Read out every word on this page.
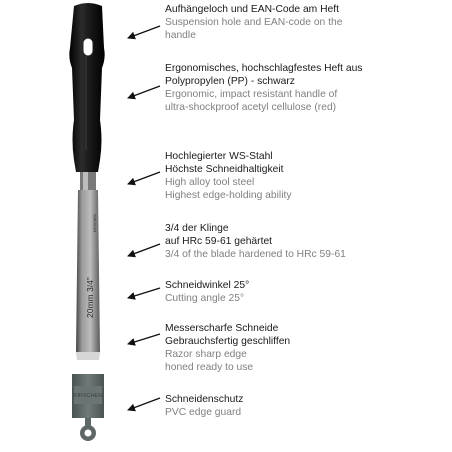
20mm 3/4"
KIRSCHEN
KIRSCHEN
Aufhängeloch und EAN-Code am Heft
Suspension hole and EAN-code on the
handle
Ergonomisches, hochschlagfestes Heft aus
Polypropylen (PP) - schwarz
Ergonomic, impact resistant handle of
ultra-shockproof acetyl cellulose (red)
Hochlegierter WS-Stahl
Höchste Schneidhaltigkeit
High alloy tool steel
Highest edge-holding ability
3/4 der Klinge
auf HRc 59-61 gehärtet
3/4 of the blade hardened to HRc 59-61
Schneidwinkel 25°
Cutting angle 25°
Messerscharfe Schneide
Gebrauchsfertig geschliffen
Razor sharp edge
honed ready to use
Schneidenschutz
PVC edge guard
